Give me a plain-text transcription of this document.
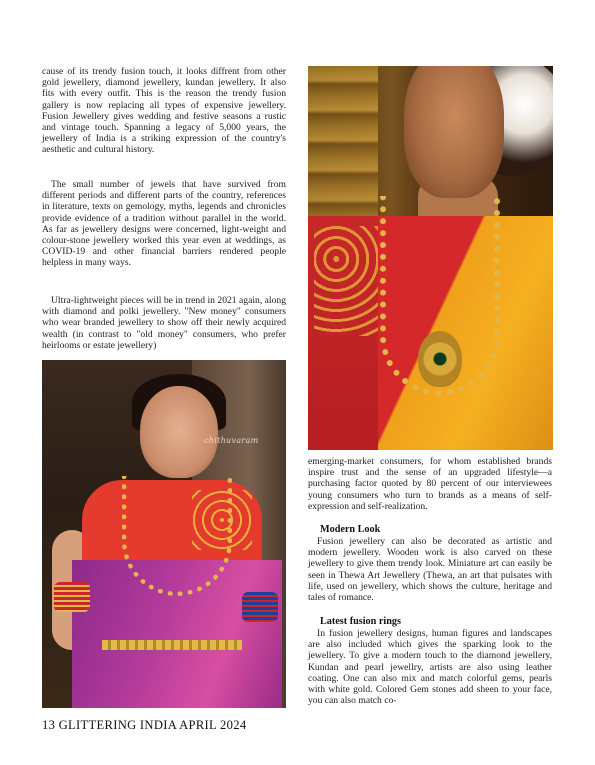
cause of its trendy fusion touch, it looks diffrent from other gold jewellery, diamond jewellery, kundan jewellery. It also fits with every outfit. This is the reason the trendy fusion gallery is now replacing all types of expensive jewellery. Fusion Jewellery gives wedding and festive seasons a rustic and vintage touch. Spanning a legacy of 5,000 years, the jewellery of India is a striking expression of the country's aesthetic and cultural history.

The small number of jewels that have survived from different periods and different parts of the country, references in literature, texts on gemology, myths, legends and chronicles provide evidence of a tradition without parallel in the world. As far as jewellery designs were concerned, light-weight and colour-stone jewellery worked this year even at weddings, as COVID-19 and other financial barriers rendered people helpless in many ways.

Ultra-lightweight pieces will be in trend in 2021 again, along with diamond and polki jewellery. "New money" consumers who wear branded jewellery to show off their newly acquired wealth (in contrast to "old money" consumers, who prefer heirlooms or estate jewellery)

chithuvaram

emerging-market consumers, for whom established brands inspire trust and the sense of an upgraded lifestyle—a purchasing factor quoted by 80 percent of our interviewees young consumers who turn to brands as a means of self-expression and self-realization.

Modern Look

Fusion jewellery can also be decorated as artistic and modern jewellery. Wooden work is also carved on these jewellery to give them trendy look. Miniature art can easily be seen in Thewa Art Jewellery (Thewa, an art that pulsates with life, used on jewellery, which shows the culture, heritage and tales of romance.

Latest fusion rings

In fusion jewellery designs, human figures and landscapes are also included which gives the sparking look to the jewellery. To give a modern touch to the diamond jewellery, Kundan and pearl jewellry, artists are also using leather coating. One can also mix and match colorful gems, pearls with white gold. Colored Gem stones add sheen to your face, you can also match co-

13 GLITTERING INDIA APRIL 2024
